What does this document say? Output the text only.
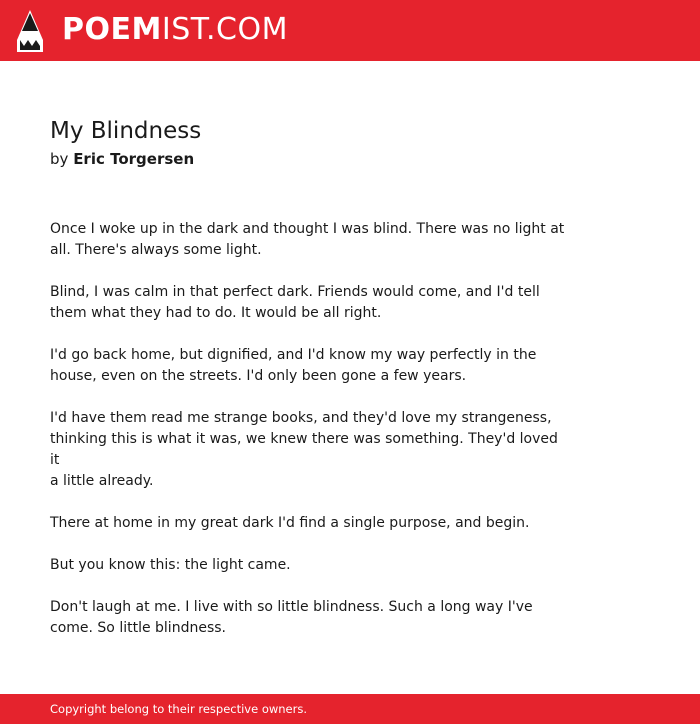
POEMIST.COM
My Blindness
by Eric Torgersen

Once I woke up in the dark and thought I was blind. There was no light at
all. There's always some light.

Blind, I was calm in that perfect dark. Friends would come, and I'd tell
them what they had to do. It would be all right.

I'd go back home, but dignified, and I'd know my way perfectly in the
house, even on the streets. I'd only been gone a few years.

I'd have them read me strange books, and they'd love my strangeness,
thinking this is what it was, we knew there was something. They'd loved it
a little already.

There at home in my great dark I'd find a single purpose, and begin.

But you know this: the light came.

Don't laugh at me. I live with so little blindness. Such a long way I've
come. So little blindness.

Copyright belong to their respective owners.
